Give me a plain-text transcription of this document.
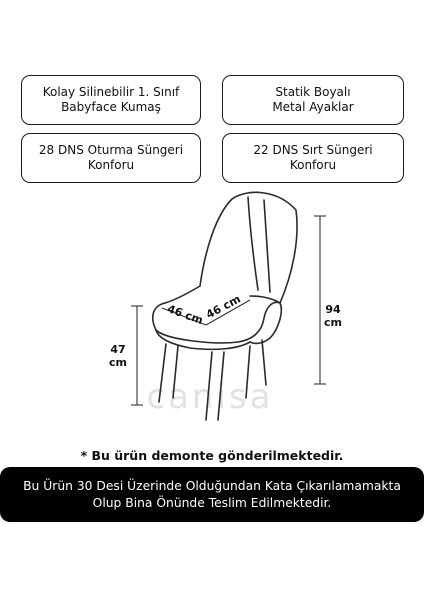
Kolay Silinebilir 1. Sınıf
Babyface Kumaş
Statik Boyalı
Metal Ayaklar
28 DNS Oturma Süngeri
Konforu
22 DNS Sırt Süngeri
Konforu
canisa
94
cm
47
cm
46 cm 46 cm
* Bu ürün demonte gönderilmektedir.
Bu Ürün 30 Desi Üzerinde Olduğundan Kata Çıkarılamamakta
Olup Bina Önünde Teslim Edilmektedir.
